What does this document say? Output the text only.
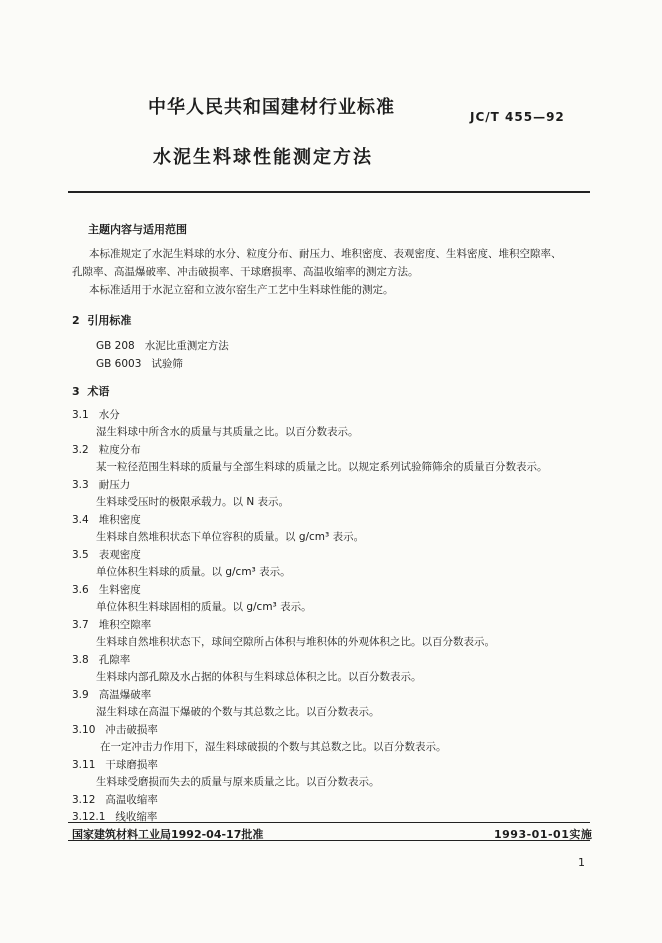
中华人民共和国建材行业标准	JC/T 455—92
水泥生料球性能测定方法
主题内容与适用范围
本标准规定了水泥生料球的水分、粒度分布、耐压力、堆积密度、表观密度、生料密度、堆积空隙率、
孔隙率、高温爆破率、冲击破损率、干球磨损率、高温收缩率的测定方法。
本标准适用于水泥立窑和立波尔窑生产工艺中生料球性能的测定。
2 引用标准
GB 208 水泥比重测定方法
GB 6003 试验筛
3 术语
3.1 水分
湿生料球中所含水的质量与其质量之比。以百分数表示。
3.2 粒度分布
某一粒径范围生料球的质量与全部生料球的质量之比。以规定系列试验筛筛余的质量百分数表示。
3.3 耐压力
生料球受压时的极限承载力。以 N 表示。
3.4 堆积密度
生料球自然堆积状态下单位容积的质量。以 g/cm³ 表示。
3.5 表观密度
单位体积生料球的质量。以 g/cm³ 表示。
3.6 生料密度
单位体积生料球固相的质量。以 g/cm³ 表示。
3.7 堆积空隙率
生料球自然堆积状态下，球间空隙所占体积与堆积体的外观体积之比。以百分数表示。
3.8 孔隙率
生料球内部孔隙及水占据的体积与生料球总体积之比。以百分数表示。
3.9 高温爆破率
湿生料球在高温下爆破的个数与其总数之比。以百分数表示。
3.10 冲击破损率
在一定冲击力作用下，湿生料球破损的个数与其总数之比。以百分数表示。
3.11 干球磨损率
生料球受磨损而失去的质量与原来质量之比。以百分数表示。
3.12 高温收缩率
3.12.1 线收缩率
国家建筑材料工业局1992-04-17批准	1993-01-01实施
1
